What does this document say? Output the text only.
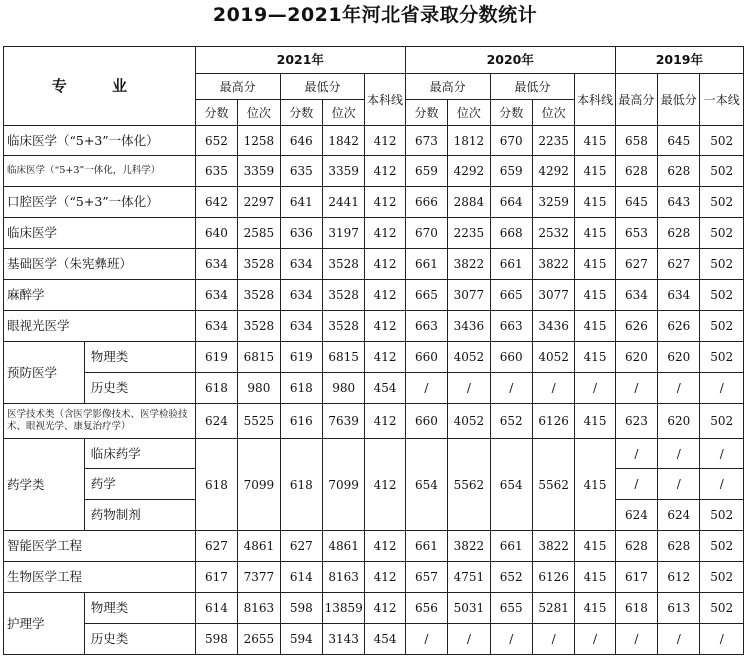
2019—2021年河北省录取分数统计
专 业		2021年					2020年					2019年		
		最高分		最低分		本科线	最高分		最低分		本科线	最高分	最低分	一本线
		分数	位次	分数	位次		分数	位次	分数	位次				
临床医学（“5+3”一体化）		652	1258	646	1842	412	673	1812	670	2235	415	658	645	502
临床医学（“5+3”一体化，儿科学）		635	3359	635	3359	412	659	4292	659	4292	415	628	628	502
口腔医学（“5+3”一体化）		642	2297	641	2441	412	666	2884	664	3259	415	645	643	502
临床医学		640	2585	636	3197	412	670	2235	668	2532	415	653	628	502
基础医学（朱宪彝班）		634	3528	634	3528	412	661	3822	661	3822	415	627	627	502
麻醉学		634	3528	634	3528	412	665	3077	665	3077	415	634	634	502
眼视光医学		634	3528	634	3528	412	663	3436	663	3436	415	626	626	502
预防医学	物理类	619	6815	619	6815	412	660	4052	660	4052	415	620	620	502
	历史类	618	980	618	980	454	/	/	/	/	/	/	/	/
医学技术类（含医学影像技术、医学检验技术、眼视光学、康复治疗学）		624	5525	616	7639	412	660	4052	652	6126	415	623	620	502
药学类	临床药学	618	7099	618	7099	412	654	5562	654	5562	415	/	/	/
	药学											/	/	/
	药物制剂											624	624	502
智能医学工程		627	4861	627	4861	412	661	3822	661	3822	415	628	628	502
生物医学工程		617	7377	614	8163	412	657	4751	652	6126	415	617	612	502
护理学	物理类	614	8163	598	13859	412	656	5031	655	5281	415	618	613	502
	历史类	598	2655	594	3143	454	/	/	/	/	/	/	/	/
